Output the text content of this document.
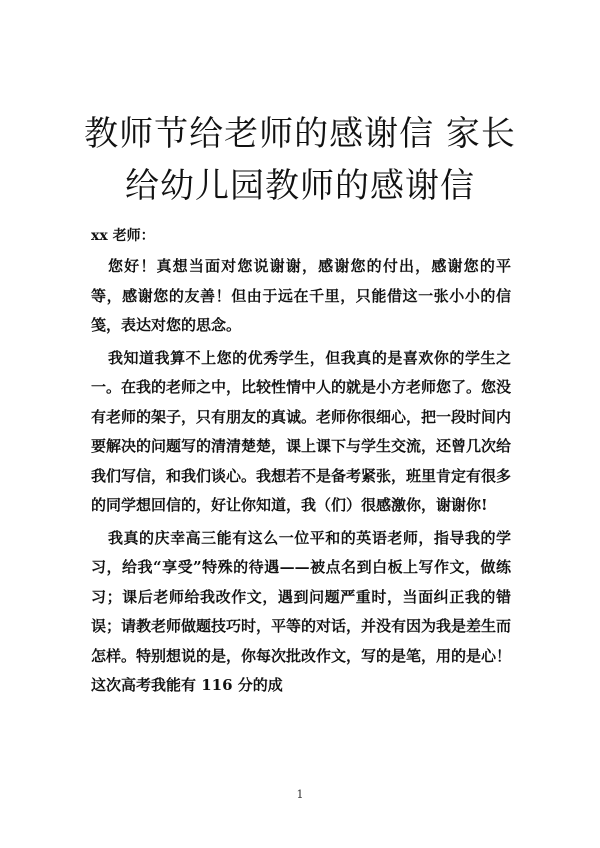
教师节给老师的感谢信 家长给幼儿园教师的感谢信

xx 老师：

您好！真想当面对您说谢谢，感谢您的付出，感谢您的平等，感谢您的友善！但由于远在千里，只能借这一张小小的信笺，表达对您的思念。

我知道我算不上您的优秀学生，但我真的是喜欢你的学生之一。在我的老师之中，比较性情中人的就是小方老师您了。您没有老师的架子，只有朋友的真诚。老师你很细心，把一段时间内要解决的问题写的清清楚楚，课上课下与学生交流，还曾几次给我们写信，和我们谈心。我想若不是备考紧张，班里肯定有很多的同学想回信的，好让你知道，我（们）很感激你，谢谢你!

我真的庆幸高三能有这么一位平和的英语老师，指导我的学习，给我“享受”特殊的待遇——被点名到白板上写作文，做练习；课后老师给我改作文，遇到问题严重时，当面纠正我的错误；请教老师做题技巧时，平等的对话，并没有因为我是差生而怎样。特别想说的是，你每次批改作文，写的是笔，用的是心！这次高考我能有 116 分的成

1
